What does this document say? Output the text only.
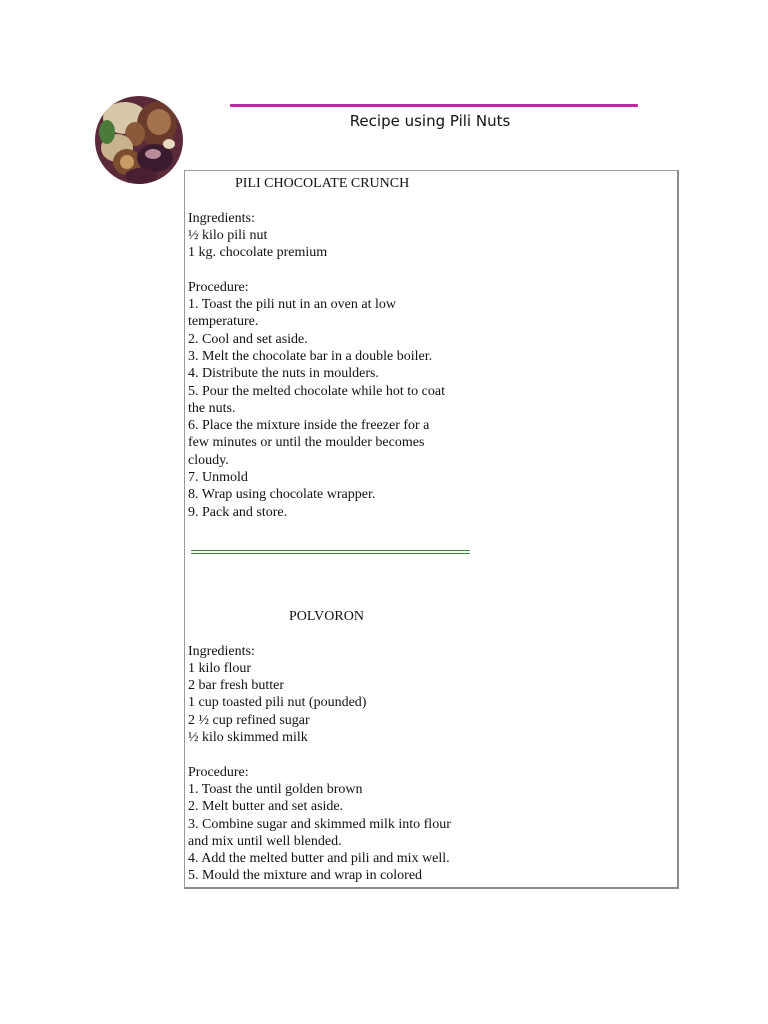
Recipe using Pili Nuts
PILI CHOCOLATE CRUNCH
Ingredients:
½ kilo pili nut
1 kg. chocolate premium
Procedure:
1. Toast the pili nut in an oven at low
temperature.
2. Cool and set aside.
3. Melt the chocolate bar in a double boiler.
4. Distribute the nuts in moulders.
5. Pour the melted chocolate while hot to coat
the nuts.
6. Place the mixture inside the freezer for a
few minutes or until the moulder becomes
cloudy.
7. Unmold
8. Wrap using chocolate wrapper.
9. Pack and store.
POLVORON
Ingredients:
1 kilo flour
2 bar fresh butter
1 cup toasted pili nut (pounded)
2 ½ cup refined sugar
½ kilo skimmed milk
Procedure:
1. Toast the until golden brown
2. Melt butter and set aside.
3. Combine sugar and skimmed milk into flour
and mix until well blended.
4. Add the melted butter and pili and mix well.
5. Mould the mixture and wrap in colored
